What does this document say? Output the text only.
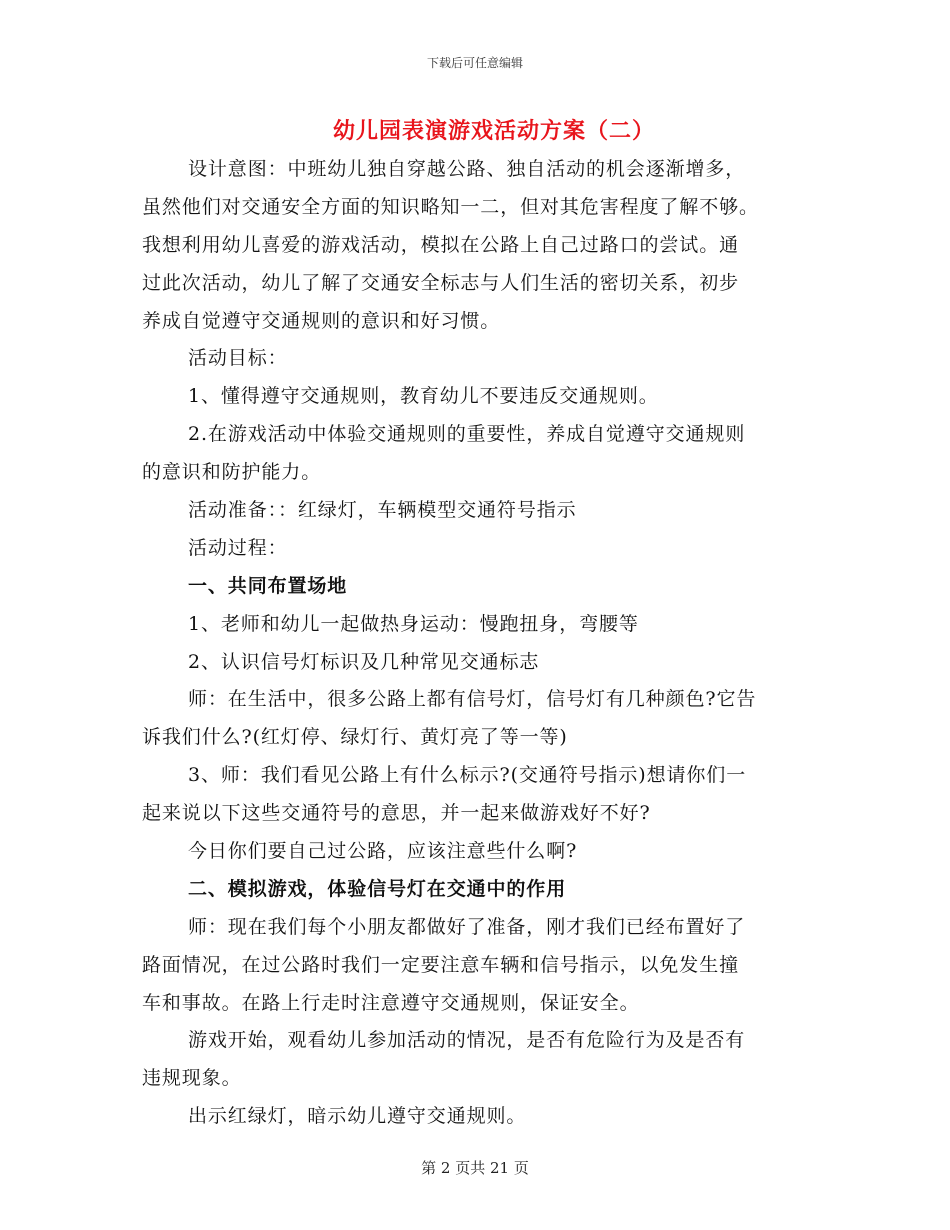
下载后可任意编辑
幼儿园表演游戏活动方案（二）
设计意图：中班幼儿独自穿越公路、独自活动的机会逐渐增多，
虽然他们对交通安全方面的知识略知一二，但对其危害程度了解不够。
我想利用幼儿喜爱的游戏活动，模拟在公路上自己过路口的尝试。通
过此次活动，幼儿了解了交通安全标志与人们生活的密切关系，初步
养成自觉遵守交通规则的意识和好习惯。
活动目标：
1、懂得遵守交通规则，教育幼儿不要违反交通规则。
2.在游戏活动中体验交通规则的重要性，养成自觉遵守交通规则
的意识和防护能力。
活动准备：：红绿灯，车辆模型交通符号指示
活动过程：
一、共同布置场地
1、老师和幼儿一起做热身运动：慢跑扭身，弯腰等
2、认识信号灯标识及几种常见交通标志
师：在生活中，很多公路上都有信号灯，信号灯有几种颜色?它告
诉我们什么?(红灯停、绿灯行、黄灯亮了等一等)
3、师：我们看见公路上有什么标示?(交通符号指示)想请你们一
起来说以下这些交通符号的意思，并一起来做游戏好不好?
今日你们要自己过公路，应该注意些什么啊?
二、模拟游戏，体验信号灯在交通中的作用
师：现在我们每个小朋友都做好了准备，刚才我们已经布置好了
路面情况，在过公路时我们一定要注意车辆和信号指示，以免发生撞
车和事故。在路上行走时注意遵守交通规则，保证安全。
游戏开始，观看幼儿参加活动的情况，是否有危险行为及是否有
违规现象。
出示红绿灯，暗示幼儿遵守交通规则。
第 2 页共 21 页
